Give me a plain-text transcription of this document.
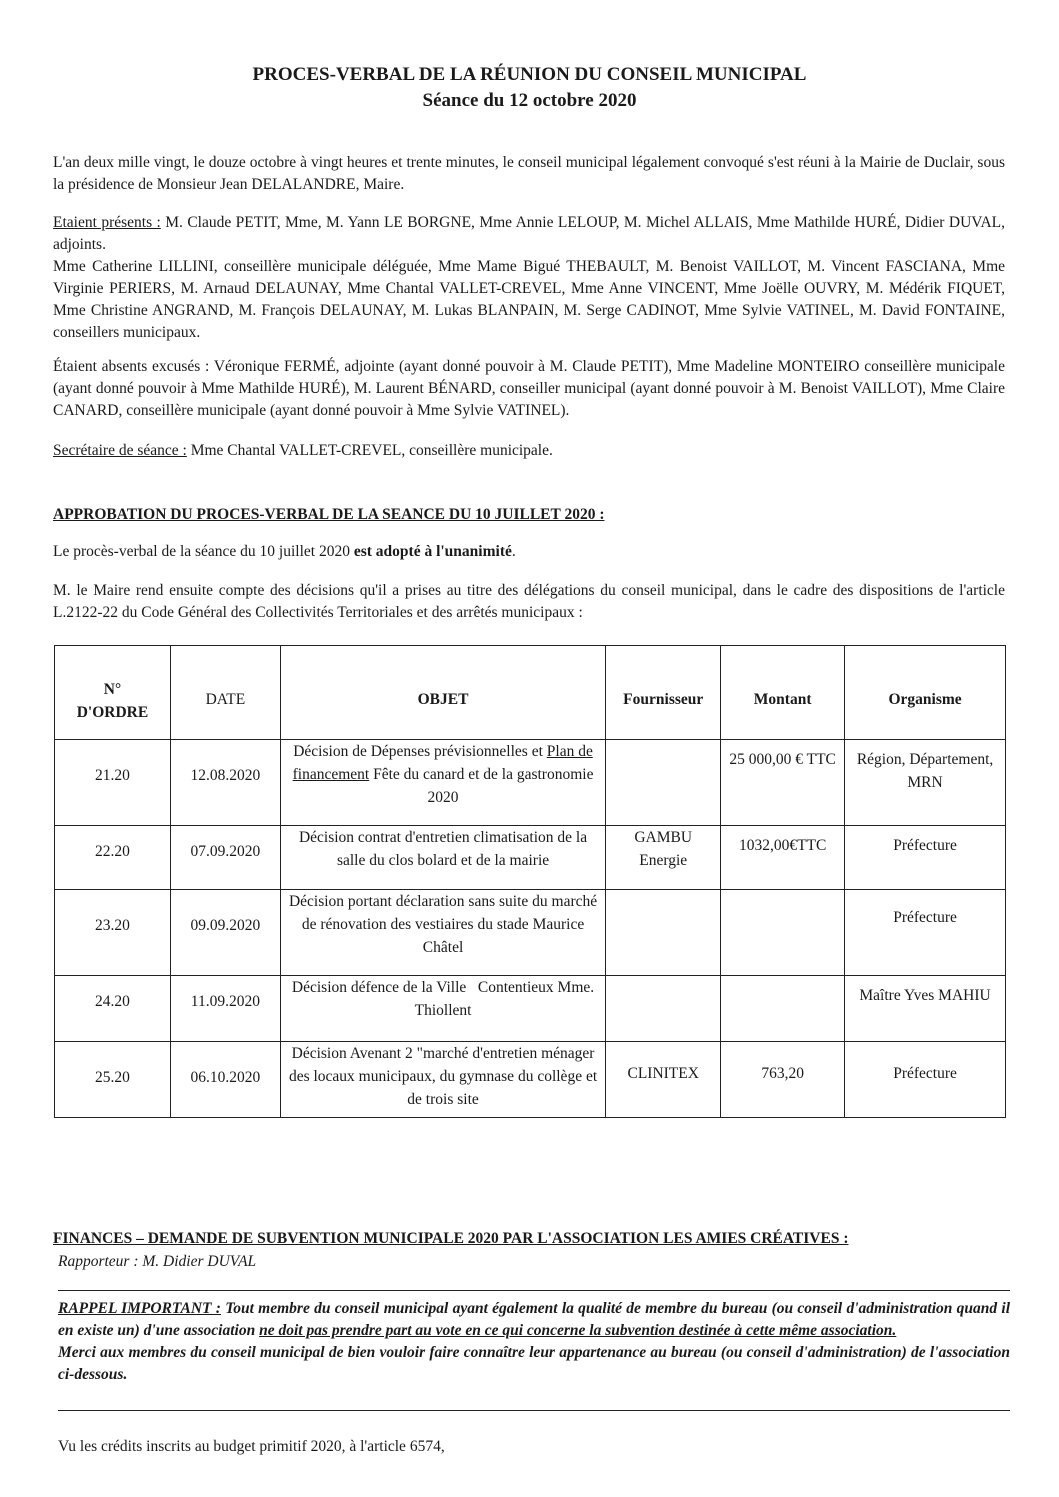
PROCES-VERBAL DE LA RÉUNION DU CONSEIL MUNICIPAL
Séance du 12 octobre 2020
L'an deux mille vingt, le douze octobre à vingt heures et trente minutes, le conseil municipal légalement convoqué s'est réuni à la Mairie de Duclair, sous la présidence de Monsieur Jean DELALANDRE, Maire.
Etaient présents : M. Claude PETIT, Mme, M. Yann LE BORGNE, Mme Annie LELOUP, M. Michel ALLAIS, Mme Mathilde HURÉ, Didier DUVAL, adjoints.
Mme Catherine LILLINI, conseillère municipale déléguée, Mme Mame Bigué THEBAULT, M. Benoist VAILLOT, M. Vincent FASCIANA, Mme Virginie PERIERS, M. Arnaud DELAUNAY, Mme Chantal VALLET-CREVEL, Mme Anne VINCENT, Mme Joëlle OUVRY, M. Médérik FIQUET, Mme Christine ANGRAND, M. François DELAUNAY, M. Lukas BLANPAIN, M. Serge CADINOT, Mme Sylvie VATINEL, M. David FONTAINE, conseillers municipaux.
Étaient absents excusés : Véronique FERMÉ, adjointe (ayant donné pouvoir à M. Claude PETIT), Mme Madeline MONTEIRO conseillère municipale (ayant donné pouvoir à Mme Mathilde HURÉ), M. Laurent BÉNARD, conseiller municipal (ayant donné pouvoir à M. Benoist VAILLOT), Mme Claire CANARD, conseillère municipale (ayant donné pouvoir à Mme Sylvie VATINEL).
Secrétaire de séance : Mme Chantal VALLET-CREVEL, conseillère municipale.
APPROBATION DU PROCES-VERBAL DE LA SEANCE DU 10 JUILLET 2020 :
Le procès-verbal de la séance du 10 juillet 2020 est adopté à l'unanimité.
M. le Maire rend ensuite compte des décisions qu'il a prises au titre des délégations du conseil municipal, dans le cadre des dispositions de l'article L.2122-22 du Code Général des Collectivités Territoriales et des arrêtés municipaux :
N°
D'ORDRE	DATE	OBJET	Fournisseur	Montant	Organisme
21.20	12.08.2020	Décision de Dépenses prévisionnelles et Plan de financement Fête du canard et de la gastronomie 2020		25 000,00 € TTC	Région, Département, MRN
22.20	07.09.2020	Décision contrat d'entretien climatisation de la salle du clos bolard et de la mairie	GAMBU Energie	1032,00€TTC	Préfecture
23.20	09.09.2020	Décision portant déclaration sans suite du marché de rénovation des vestiaires du stade Maurice Châtel			Préfecture
24.20	11.09.2020	Décision défence de la Ville   Contentieux Mme. Thiollent			Maître Yves MAHIU
25.20	06.10.2020	Décision Avenant 2 "marché d'entretien ménager des locaux municipaux, du gymnase du collège et de trois site	CLINITEX	763,20	Préfecture
FINANCES – DEMANDE DE SUBVENTION MUNICIPALE 2020 PAR L'ASSOCIATION LES AMIES CRÉATIVES :
Rapporteur : M. Didier DUVAL
RAPPEL IMPORTANT : Tout membre du conseil municipal ayant également la qualité de membre du bureau (ou conseil d'administration quand il en existe un) d'une association ne doit pas prendre part au vote en ce qui concerne la subvention destinée à cette même association.
Merci aux membres du conseil municipal de bien vouloir faire connaître leur appartenance au bureau (ou conseil d'administration) de l'association ci-dessous.
Vu les crédits inscrits au budget primitif 2020, à l'article 6574,
